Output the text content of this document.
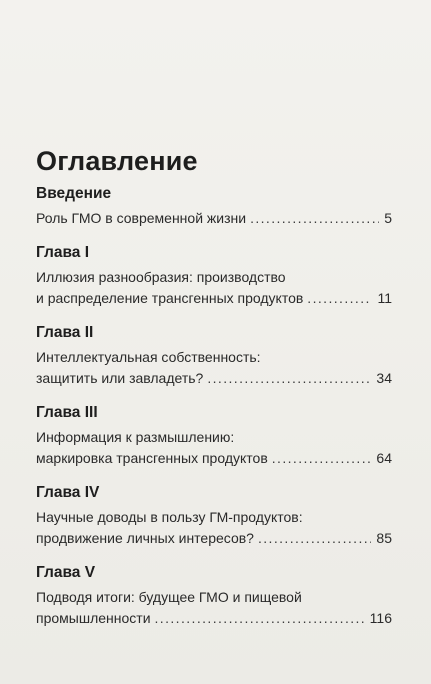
Оглавление
Введение
Роль ГМО в современной жизни .....	5
Глава I
Иллюзия разнообразия: производство
и распределение трансгенных продуктов .....	11
Глава II
Интеллектуальная собственность:
защитить или завладеть? .....	34
Глава III
Информация к размышлению:
маркировка трансгенных продуктов .....	64
Глава IV
Научные доводы в пользу ГМ-продуктов:
продвижение личных интересов? .....	85
Глава V
Подводя итоги: будущее ГМО и пищевой
промышленности .....	116
